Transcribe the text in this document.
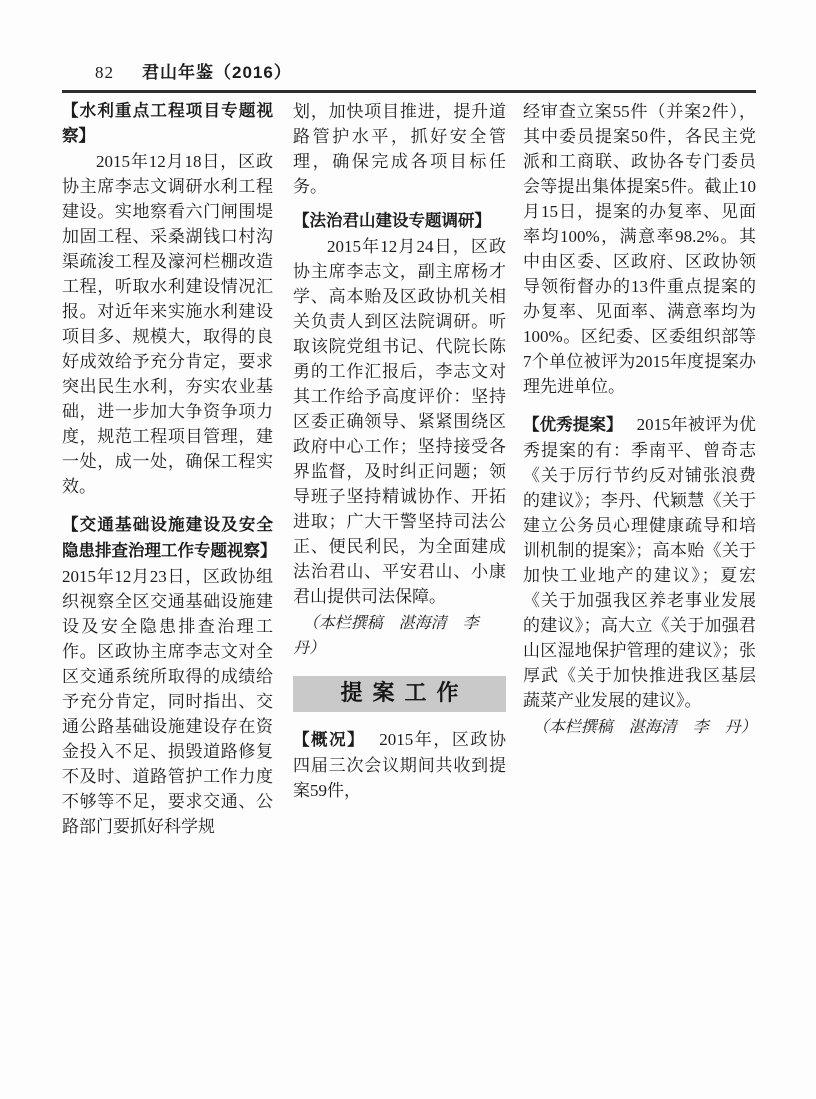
82 君山年鉴（2016）

【水利重点工程项目专题视察】

2015年12月18日，区政协主席李志文调研水利工程建设。实地察看六门闸围堤加固工程、采桑湖钱口村沟渠疏浚工程及濠河栏棚改造工程，听取水利建设情况汇报。对近年来实施水利建设项目多、规模大，取得的良好成效给予充分肯定，要求突出民生水利，夯实农业基础，进一步加大争资争项力度，规范工程项目管理，建一处，成一处，确保工程实效。

【交通基础设施建设及安全隐患排查治理工作专题视察】2015年12月23日，区政协组织视察全区交通基础设施建设及安全隐患排查治理工作。区政协主席李志文对全区交通系统所取得的成绩给予充分肯定，同时指出、交通公路基础设施建设存在资金投入不足、损毁道路修复不及时、道路管护工作力度不够等不足，要求交通、公路部门要抓好科学规

划，加快项目推进，提升道路管护水平，抓好安全管理，确保完成各项目标任务。

【法治君山建设专题调研】

2015年12月24日，区政协主席李志文，副主席杨才学、高本贻及区政协机关相关负责人到区法院调研。听取该院党组书记、代院长陈勇的工作汇报后，李志文对其工作给予高度评价：坚持区委正确领导、紧紧围绕区政府中心工作；坚持接受各界监督，及时纠正问题；领导班子坚持精诚协作、开拓进取；广大干警坚持司法公正、便民利民，为全面建成法治君山、平安君山、小康君山提供司法保障。

（本栏撰稿　湛海清　李　丹）

提案工作

【概况】 2015年，区政协四届三次会议期间共收到提案59件，

经审查立案55件（并案2件），其中委员提案50件，各民主党派和工商联、政协各专门委员会等提出集体提案5件。截止10月15日，提案的办复率、见面率均100%，满意率98.2%。其中由区委、区政府、区政协领导领衔督办的13件重点提案的办复率、见面率、满意率均为100%。区纪委、区委组织部等7个单位被评为2015年度提案办理先进单位。

【优秀提案】 2015年被评为优秀提案的有：季南平、曾奇志《关于厉行节约反对铺张浪费的建议》；李丹、代颖慧《关于建立公务员心理健康疏导和培训机制的提案》；高本贻《关于加快工业地产的建议》；夏宏《关于加强我区养老事业发展的建议》；高大立《关于加强君山区湿地保护管理的建议》；张厚武《关于加快推进我区基层蔬菜产业发展的建议》。

（本栏撰稿　湛海清　李　丹）
